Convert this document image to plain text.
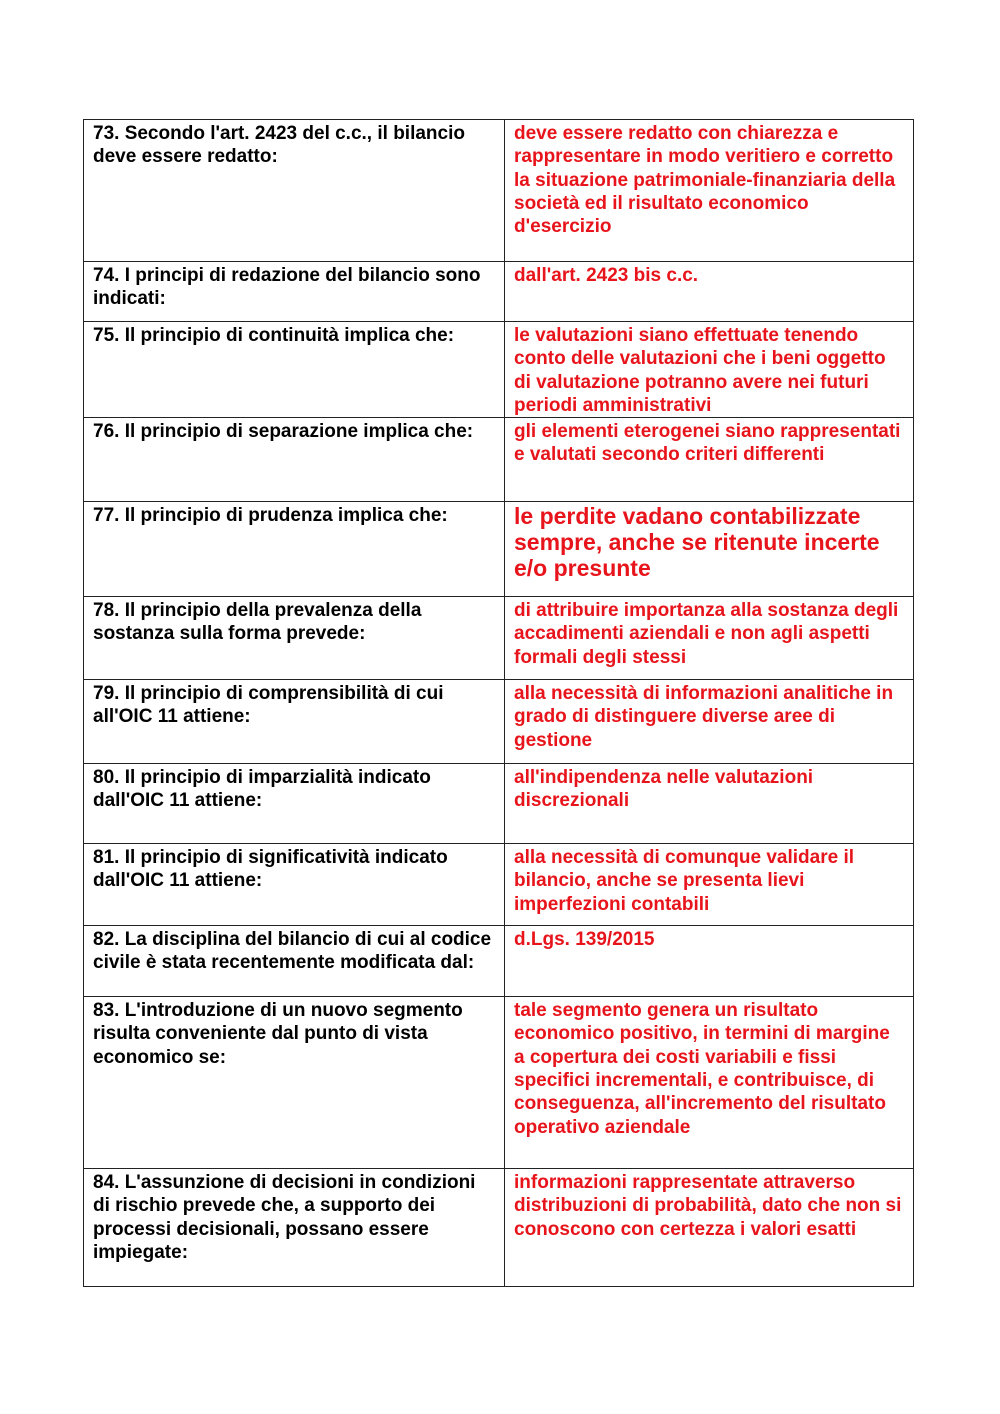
73. Secondo l'art. 2423 del c.c., il bilancio deve essere redatto:	deve essere redatto con chiarezza e rappresentare in modo veritiero e corretto la situazione patrimoniale-finanziaria della società ed il risultato economico d'esercizio
74. I principi di redazione del bilancio sono indicati:	dall'art. 2423 bis c.c.
75. Il principio di continuità implica che:	le valutazioni siano effettuate tenendo conto delle valutazioni che i beni oggetto di valutazione potranno avere nei futuri periodi amministrativi
76. Il principio di separazione implica che:	gli elementi eterogenei siano rappresentati e valutati secondo criteri differenti
77. Il principio di prudenza implica che:	le perdite vadano contabilizzate sempre, anche se ritenute incerte e/o presunte
78. Il principio della prevalenza della sostanza sulla forma prevede:	di attribuire importanza alla sostanza degli accadimenti aziendali e non agli aspetti formali degli stessi
79. Il principio di comprensibilità di cui all'OIC 11 attiene:	alla necessità di informazioni analitiche in grado di distinguere diverse aree di gestione
80. Il principio di imparzialità indicato dall'OIC 11 attiene:	all'indipendenza nelle valutazioni discrezionali
81. Il principio di significatività indicato dall'OIC 11 attiene:	alla necessità di comunque validare il bilancio, anche se presenta lievi imperfezioni contabili
82. La disciplina del bilancio di cui al codice civile è stata recentemente modificata dal:	d.Lgs. 139/2015
83. L'introduzione di un nuovo segmento risulta conveniente dal punto di vista economico se:	tale segmento genera un risultato economico positivo, in termini di margine a copertura dei costi variabili e fissi specifici incrementali, e contribuisce, di conseguenza, all'incremento del risultato operativo aziendale
84. L'assunzione di decisioni in condizioni di rischio prevede che, a supporto dei processi decisionali, possano essere impiegate:	informazioni rappresentate attraverso distribuzioni di probabilità, dato che non si conoscono con certezza i valori esatti
